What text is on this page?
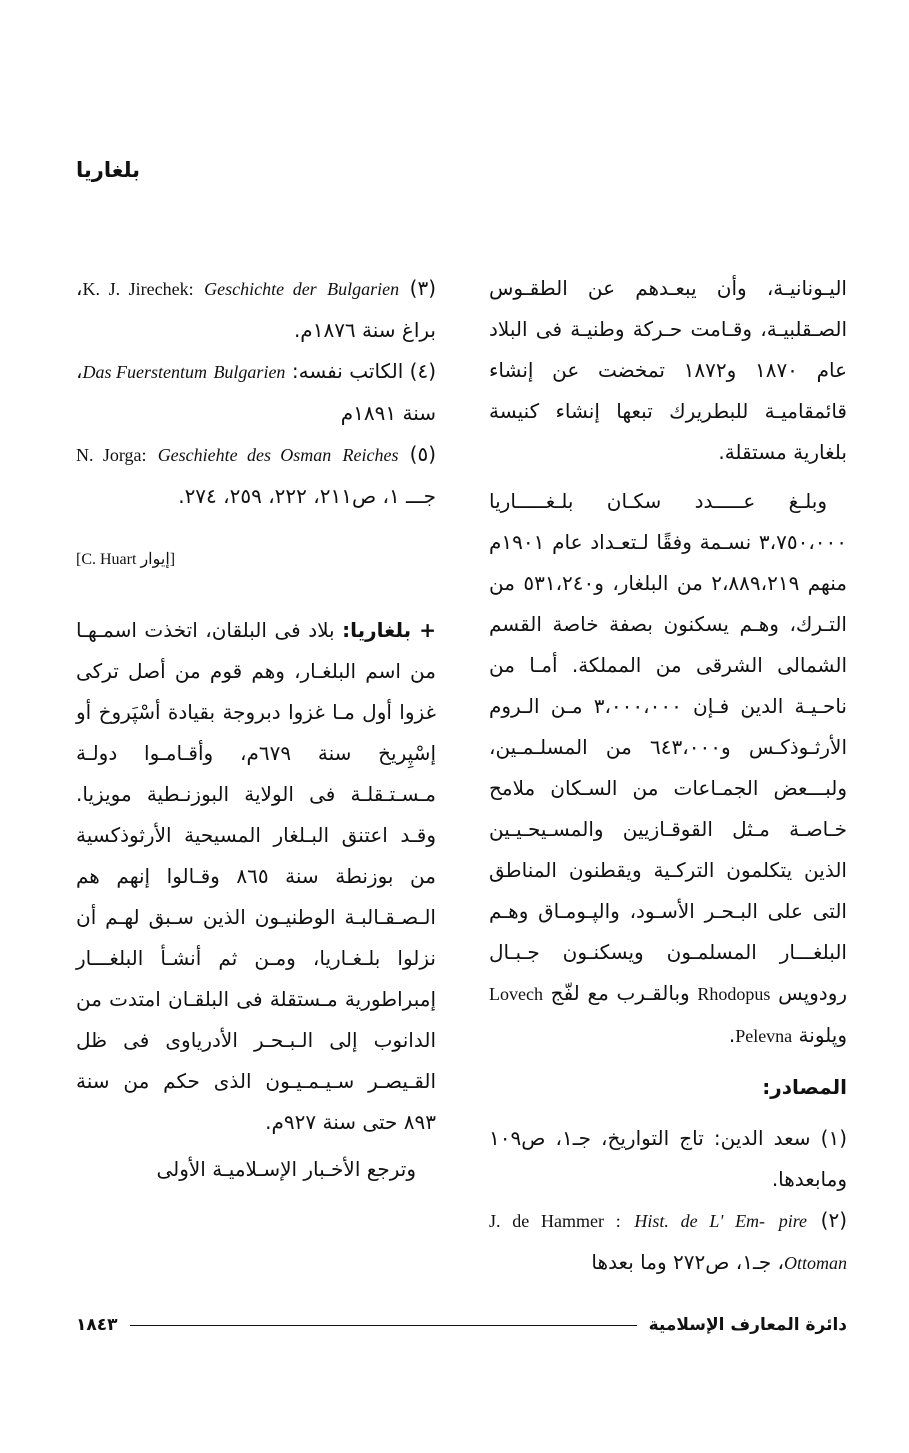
بلغاريا

اليـونانيـة، وأن يبعـدهم عن الطقـوس الصـقلبيـة، وقـامت حـركة وطنيـة فى البلاد عام ١٨٧٠ و١٨٧٢ تمخضت عن إنشاء قائمقاميـة للبطريرك تبعها إنشاء كنيسة بلغارية مستقلة.

وبلـغ عـــــدد سكـان بلـغـــــاريا ٣،٧٥٠،٠٠٠ نسـمة وفقًا لـتعـداد عام ١٩٠١م منهم ٢،٨٨٩،٢١٩ من البلغار، و٥٣١،٢٤٠ من التـرك، وهـم يسكنون بصفة خاصة القسم الشمالى الشرقى من المملكة. أمـا من ناحـيـة الدين فـإن ٣،٠٠٠،٠٠٠ مـن الـروم الأرثـوذكـس و٦٤٣،٠٠٠ من المسلـمـين، ولبـــعض الجمـاعات من السـكان ملامح خـاصـة مـثل القوقـازيين والمسـيحـيـين الذين يتكلمون التركـية ويقطنون المناطق التى على البـحـر الأسـود، والپـومـاق وهـم البلغـــار المسلمـون ويسكنـون جـبـال رودوپس Rhodopus وبالقـرب مع لفّج Lovech وپلونة Pelevna.

المصادر:

(١) سعد الدين: تاج التواريخ، جـ١، ص١٠٩ ومابعدها.

(٢) J. de Hammer : Hist. de L' Em- pire Ottoman، جـ١، ص٢٧٢ وما بعدها

(٣) K. J. Jirechek: Geschichte der Bulgarien، براغ سنة ١٨٧٦م.

(٤) الكاتب نفسه: Das Fuerstentum Bulgarien، سنة ١٨٩١م

(٥) N. Jorga: Geschiehte des Osman Reiches جـــ ١، ص٢١١، ٢٢٢، ٢٥٩، ٢٧٤.

[C. Huart إيوار]

+ بلغاريا: بلاد فى البلقان، اتخذت اسمـهـا من اسم البلغـار، وهم قوم من أصل تركى غزوا أول مـا غزوا دبروجة بقيادة أسْپَروخ أو إسْپِريخ سنة ٦٧٩م، وأقـامـوا دولـة مـسـتـقلـة فى الولاية البوزنـطية مويزيا. وقـد اعتنق البـلغار المسيحية الأرثوذكسية من بوزنطة سنة ٨٦٥ وقـالوا إنهم هم الـصـقـالبـة الوطنيـون الذين سـبق لهـم أن نزلوا بلـغـاريا، ومـن ثم أنشـأ البلغـــار إمبراطورية مـستقلة فى البلقـان امتدت من الدانوب إلى الـبـحـر الأدرياوى فى ظل القـيصـر سـيـمـيـون الذى حكم من سنة ٨٩٣ حتى سنة ٩٢٧م.

وترجع الأخـبار الإسـلاميـة الأولى

١٨٤٣	دائرة المعارف الإسلامية
